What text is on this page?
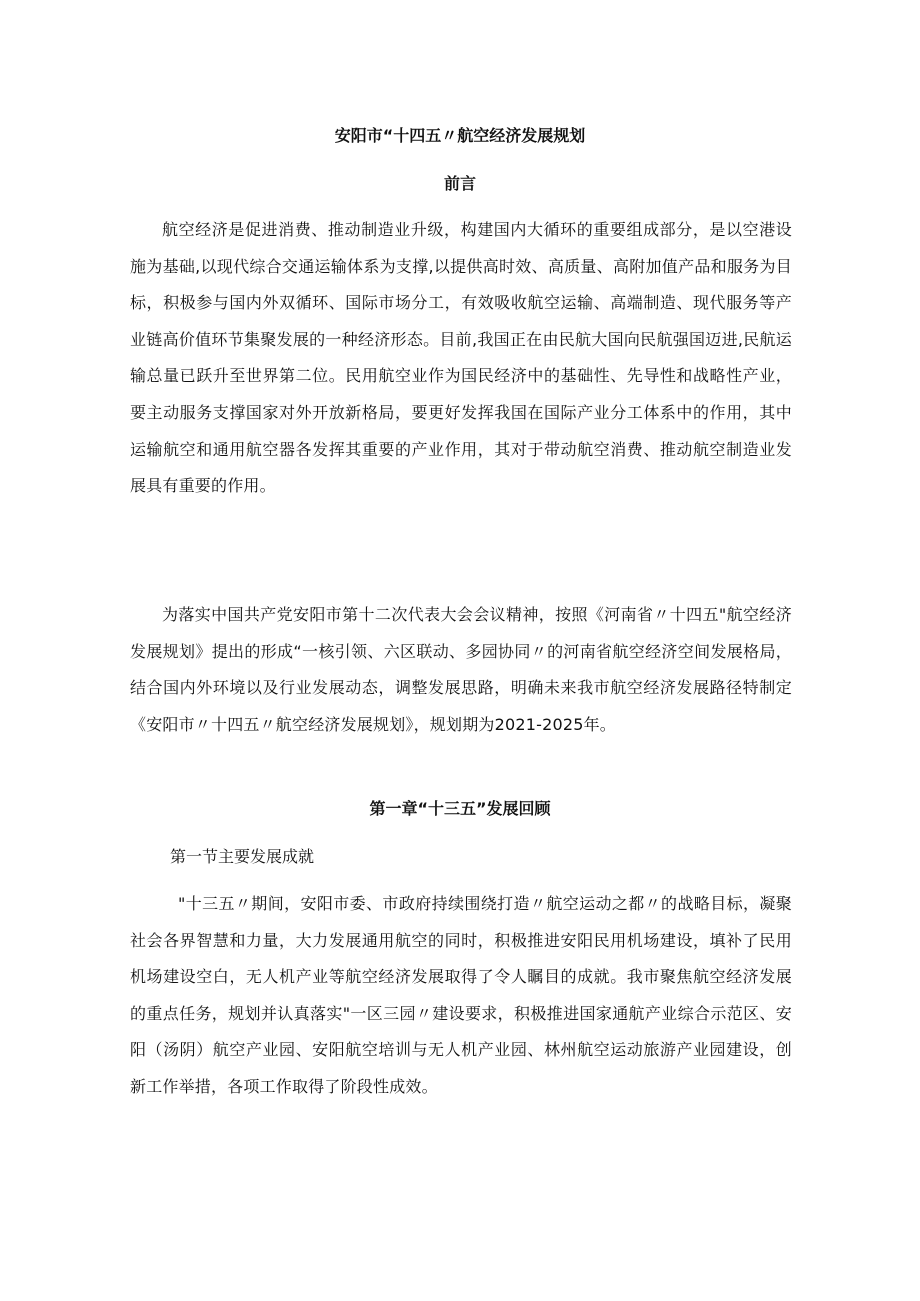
安阳市“十四五〃航空经济发展规划
前言

航空经济是促进消费、推动制造业升级，构建国内大循环的重要组成部分，是以空港设施为基础,以现代综合交通运输体系为支撑,以提供高时效、高质量、高附加值产品和服务为目标，积极参与国内外双循环、国际市场分工，有效吸收航空运输、高端制造、现代服务等产业链高价值环节集聚发展的一种经济形态。目前,我国正在由民航大国向民航强国迈进,民航运输总量已跃升至世界第二位。民用航空业作为国民经济中的基础性、先导性和战略性产业，要主动服务支撑国家对外开放新格局，要更好发挥我国在国际产业分工体系中的作用，其中运输航空和通用航空器各发挥其重要的产业作用，其对于带动航空消费、推动航空制造业发展具有重要的作用。

为落实中国共产党安阳市第十二次代表大会会议精神，按照《河南省〃十四五"航空经济发展规划》提出的形成“一核引领、六区联动、多园协同〃的河南省航空经济空间发展格局，结合国内外环境以及行业发展动态，调整发展思路，明确未来我市航空经济发展路径特制定《安阳市〃十四五〃航空经济发展规划》，规划期为2021-2025年。

第一章“十三五”发展回顾
第一节主要发展成就

"十三五〃期间，安阳市委、市政府持续围绕打造〃航空运动之都〃的战略目标，凝聚社会各界智慧和力量，大力发展通用航空的同时，积极推进安阳民用机场建设，填补了民用机场建设空白，无人机产业等航空经济发展取得了令人瞩目的成就。我市聚焦航空经济发展的重点任务，规划并认真落实"一区三园〃建设要求，积极推进国家通航产业综合示范区、安阳（汤阴）航空产业园、安阳航空培训与无人机产业园、林州航空运动旅游产业园建设，创新工作举措，各项工作取得了阶段性成效。
